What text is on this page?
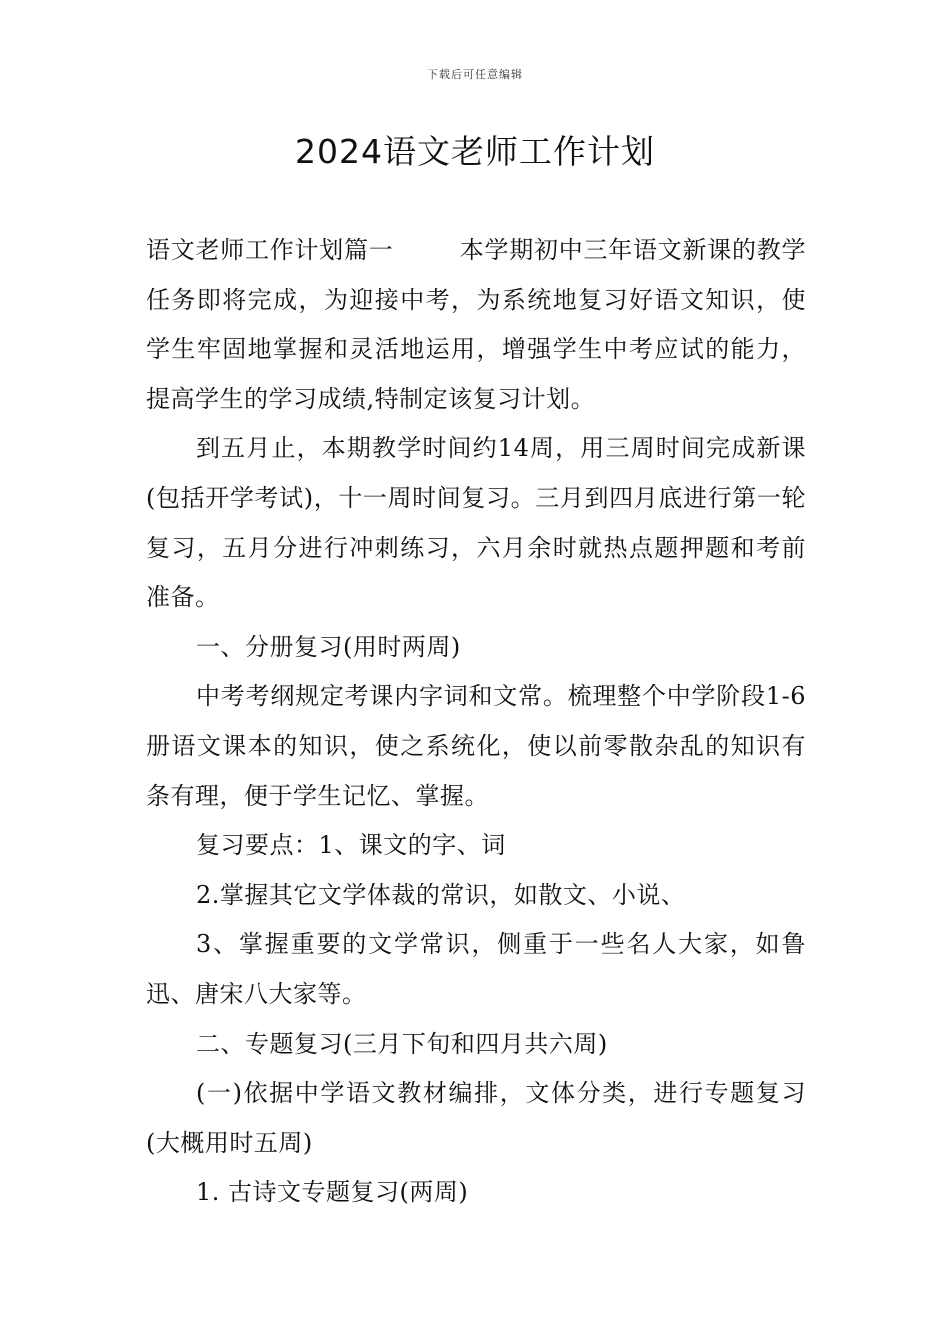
下载后可任意编辑
2024语文老师工作计划

语文老师工作计划篇一	本学期初中三年语文新课的教学任务即将完成，为迎接中考，为系统地复习好语文知识，使学生牢固地掌握和灵活地运用，增强学生中考应试的能力，提高学生的学习成绩,特制定该复习计划。

到五月止，本期教学时间约14周，用三周时间完成新课(包括开学考试)，十一周时间复习。三月到四月底进行第一轮复习，五月分进行冲刺练习，六月余时就热点题押题和考前准备。

一、分册复习(用时两周)

中考考纲规定考课内字词和文常。梳理整个中学阶段1-6册语文课本的知识，使之系统化，使以前零散杂乱的知识有条有理，便于学生记忆、掌握。

复习要点：1、课文的字、词

2.掌握其它文学体裁的常识，如散文、小说、

3、掌握重要的文学常识，侧重于一些名人大家，如鲁迅、唐宋八大家等。

二、专题复习(三月下旬和四月共六周)

(一)依据中学语文教材编排，文体分类，进行专题复习(大概用时五周)

1. 古诗文专题复习(两周)
